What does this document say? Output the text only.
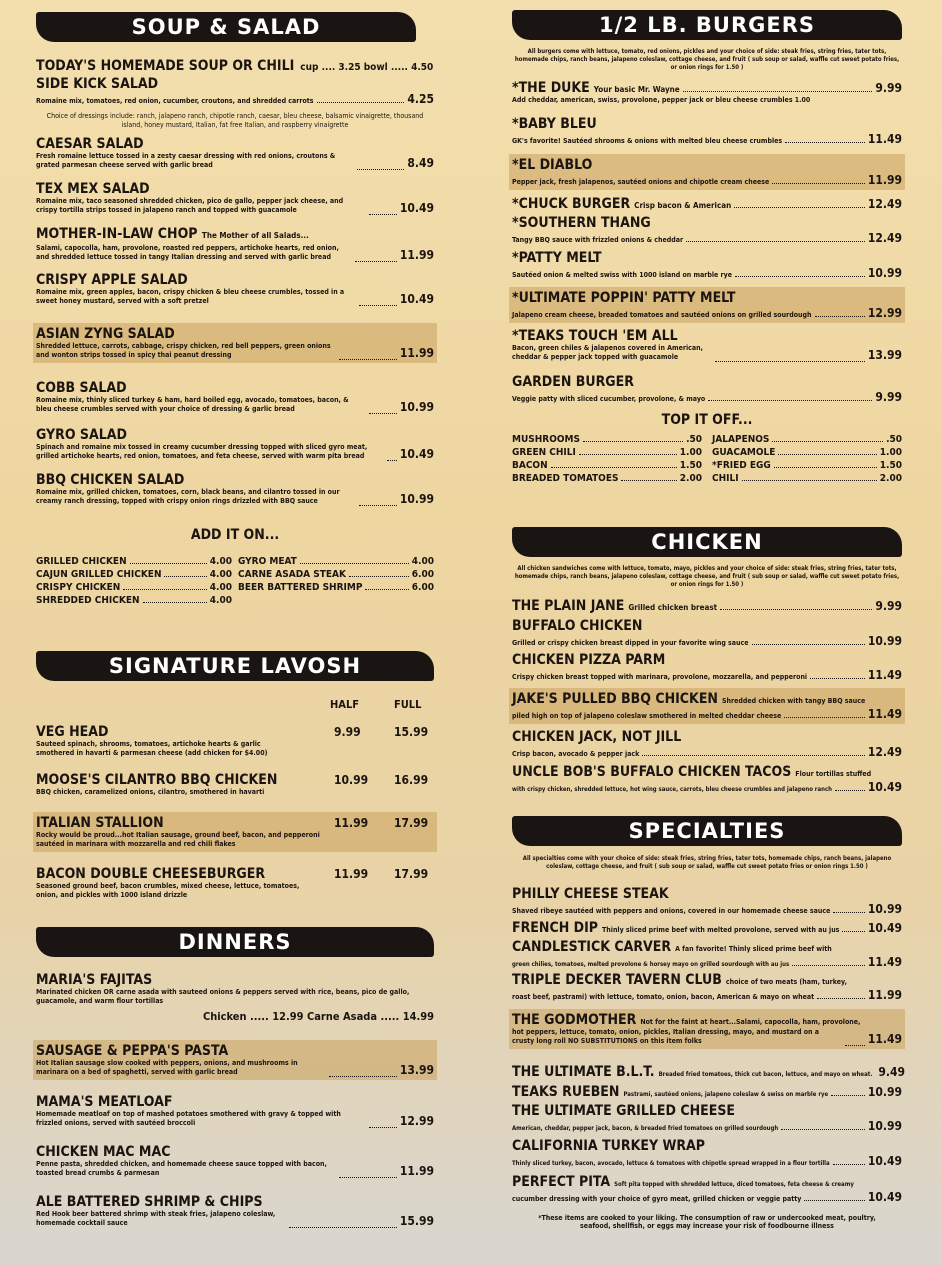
SOUP & SALAD
TODAY'S HOMEMADE SOUP OR CHILI cup .... 3.25 bowl ..... 4.50
SIDE KICK SALAD
Romaine mix, tomatoes, red onion, cucumber, croutons, and shredded carrots	4.25
Choice of dressings include: ranch, jalapeno ranch, chipotle ranch, caesar, bleu cheese, balsamic vinaigrette, thousand island, honey mustard, Italian, fat free Italian, and raspberry vinaigrette
CAESAR SALAD
Fresh romaine lettuce tossed in a zesty caesar dressing with red onions, croutons & grated parmesan cheese served with garlic bread	8.49
TEX MEX SALAD
Romaine mix, taco seasoned shredded chicken, pico de gallo, pepper jack cheese, and crispy tortilla strips tossed in jalapeno ranch and topped with guacamole	10.49
MOTHER-IN-LAW CHOP The Mother of all Salads...
Salami, capocolla, ham, provolone, roasted red peppers, artichoke hearts, red onion, and shredded lettuce tossed in tangy Italian dressing and served with garlic bread	11.99
CRISPY APPLE SALAD
Romaine mix, green apples, bacon, crispy chicken & bleu cheese crumbles, tossed in a sweet honey mustard, served with a soft pretzel	10.49
ASIAN ZYNG SALAD
Shredded lettuce, carrots, cabbage, crispy chicken, red bell peppers, green onions and wonton strips tossed in spicy thai peanut dressing	11.99
COBB SALAD
Romaine mix, thinly sliced turkey & ham, hard boiled egg, avocado, tomatoes, bacon, & bleu cheese crumbles served with your choice of dressing & garlic bread	10.99
GYRO SALAD
Spinach and romaine mix tossed in creamy cucumber dressing topped with sliced gyro meat, grilled artichoke hearts, red onion, tomatoes, and feta cheese, served with warm pita bread	10.49
BBQ CHICKEN SALAD
Romaine mix, grilled chicken, tomatoes, corn, black beans, and cilantro tossed in our creamy ranch dressing, topped with crispy onion rings drizzled with BBQ sauce	10.99
ADD IT ON...
GRILLED CHICKEN	4.00 GYRO MEAT	4.00
CAJUN GRILLED CHICKEN	4.00 CARNE ASADA STEAK	6.00
CRISPY CHICKEN	4.00 BEER BATTERED SHRIMP	6.00
SHREDDED CHICKEN	4.00
SIGNATURE LAVOSH
HALF	FULL
VEG HEAD	9.99	15.99
Sauteed spinach, shrooms, tomatoes, artichoke hearts & garlic smothered in havarti & parmesan cheese (add chicken for $4.00)
MOOSE'S CILANTRO BBQ CHICKEN	10.99	16.99
BBQ chicken, caramelized onions, cilantro, smothered in havarti
ITALIAN STALLION	11.99	17.99
Rocky would be proud...hot Italian sausage, ground beef, bacon, and pepperoni sautéed in marinara with mozzarella and red chili flakes
BACON DOUBLE CHEESEBURGER	11.99	17.99
Seasoned ground beef, bacon crumbles, mixed cheese, lettuce, tomatoes, onion, and pickles with 1000 island drizzle
DINNERS
MARIA'S FAJITAS
Marinated chicken OR carne asada with sauteed onions & peppers served with rice, beans, pico de gallo, guacamole, and warm flour tortillas
Chicken ..... 12.99 Carne Asada ..... 14.99
SAUSAGE & PEPPA'S PASTA
Hot Italian sausage slow cooked with peppers, onions, and mushrooms in marinara on a bed of spaghetti, served with garlic bread	13.99
MAMA'S MEATLOAF
Homemade meatloaf on top of mashed potatoes smothered with gravy & topped with frizzled onions, served with sautéed broccoli	12.99
CHICKEN MAC MAC
Penne pasta, shredded chicken, and homemade cheese sauce topped with bacon, toasted bread crumbs & parmesan	11.99
ALE BATTERED SHRIMP & CHIPS
Red Hook beer battered shrimp with steak fries, jalapeno coleslaw, homemade cocktail sauce	15.99
1/2 LB. BURGERS
All burgers come with lettuce, tomato, red onions, pickles and your choice of side: steak fries, string fries, tater tots, homemade chips, ranch beans, jalapeno coleslaw, cottage cheese, and fruit ( sub soup or salad, waffle cut sweet potato fries, or onion rings for 1.50 )
*THE DUKE Your basic Mr. Wayne	9.99
Add cheddar, american, swiss, provolone, pepper jack or bleu cheese crumbles 1.00
*BABY BLEU
GK's favorite! Sautéed shrooms & onions with melted bleu cheese crumbles	11.49
*EL DIABLO
Pepper jack, fresh jalapenos, sautéed onions and chipotle cream cheese	11.99
*CHUCK BURGER Crisp bacon & American	12.49
*SOUTHERN THANG
Tangy BBQ sauce with frizzled onions & cheddar	12.49
*PATTY MELT
Sautéed onion & melted swiss with 1000 island on marble rye	10.99
*ULTIMATE POPPIN' PATTY MELT
Jalapeno cream cheese, breaded tomatoes and sautéed onions on grilled sourdough	12.99
*TEAKS TOUCH 'EM ALL
Bacon, green chiles & jalapenos covered in American, cheddar & pepper jack topped with guacamole	13.99
GARDEN BURGER
Veggie patty with sliced cucumber, provolone, & mayo	9.99
TOP IT OFF...
MUSHROOMS	.50 JALAPENOS	.50
GREEN CHILI	1.00 GUACAMOLE	1.00
BACON	1.50 *FRIED EGG	1.50
BREADED TOMATOES	2.00 CHILI	2.00
CHICKEN
All chicken sandwiches come with lettuce, tomato, mayo, pickles and your choice of side: steak fries, string fries, tater tots, homemade chips, ranch beans, jalapeno coleslaw, cottage cheese, and fruit ( sub soup or salad, waffle cut sweet potato fries, or onion rings for 1.50 )
THE PLAIN JANE Grilled chicken breast	9.99
BUFFALO CHICKEN
Grilled or crispy chicken breast dipped in your favorite wing sauce	10.99
CHICKEN PIZZA PARM
Crispy chicken breast topped with marinara, provolone, mozzarella, and pepperoni	11.49
JAKE'S PULLED BBQ CHICKEN Shredded chicken with tangy BBQ sauce
piled high on top of jalapeno coleslaw smothered in melted cheddar cheese	11.49
CHICKEN JACK, NOT JILL
Crisp bacon, avocado & pepper jack	12.49
UNCLE BOB'S BUFFALO CHICKEN TACOS Flour tortillas stuffed
with crispy chicken, shredded lettuce, hot wing sauce, carrots, bleu cheese crumbles and jalapeno ranch	10.49
SPECIALTIES
All specialties come with your choice of side: steak fries, string fries, tater tots, homemade chips, ranch beans, jalapeno coleslaw, cottage cheese, and fruit ( sub soup or salad, waffle cut sweet potato fries or onion rings 1.50 )
PHILLY CHEESE STEAK
Shaved ribeye sautéed with peppers and onions, covered in our homemade cheese sauce	10.99
FRENCH DIP Thinly sliced prime beef with melted provolone, served with au jus 10.49
CANDLESTICK CARVER A fan favorite! Thinly sliced prime beef with
green chilies, tomatoes, melted provolone & horsey mayo on grilled sourdough with au jus	11.49
TRIPLE DECKER TAVERN CLUB choice of two meats (ham, turkey,
roast beef, pastrami) with lettuce, tomato, onion, bacon, American & mayo on wheat	11.99
THE GODMOTHER Not for the faint at heart...Salami, capocolla, ham, provolone,
hot peppers, lettuce, tomato, onion, pickles, Italian dressing, mayo, and mustard on a crusty long roll NO SUBSTITUTIONS on this item folks	11.49
THE ULTIMATE B.L.T. Breaded fried tomatoes, thick cut bacon, lettuce, and mayo on wheat. 9.49
TEAKS RUEBEN Pastrami, sautéed onions, jalapeno coleslaw & swiss on marble rye	10.99
THE ULTIMATE GRILLED CHEESE
American, cheddar, pepper jack, bacon, & breaded fried tomatoes on grilled sourdough	10.99
CALIFORNIA TURKEY WRAP
Thinly sliced turkey, bacon, avocado, lettuce & tomatoes with chipotle spread wrapped in a flour tortilla	10.49
PERFECT PITA Soft pita topped with shredded lettuce, diced tomatoes, feta cheese & creamy
cucumber dressing with your choice of gyro meat, grilled chicken or veggie patty	10.49
*These items are cooked to your liking. The consumption of raw or undercooked meat, poultry, seafood, shellfish, or eggs may increase your risk of foodbourne illness
